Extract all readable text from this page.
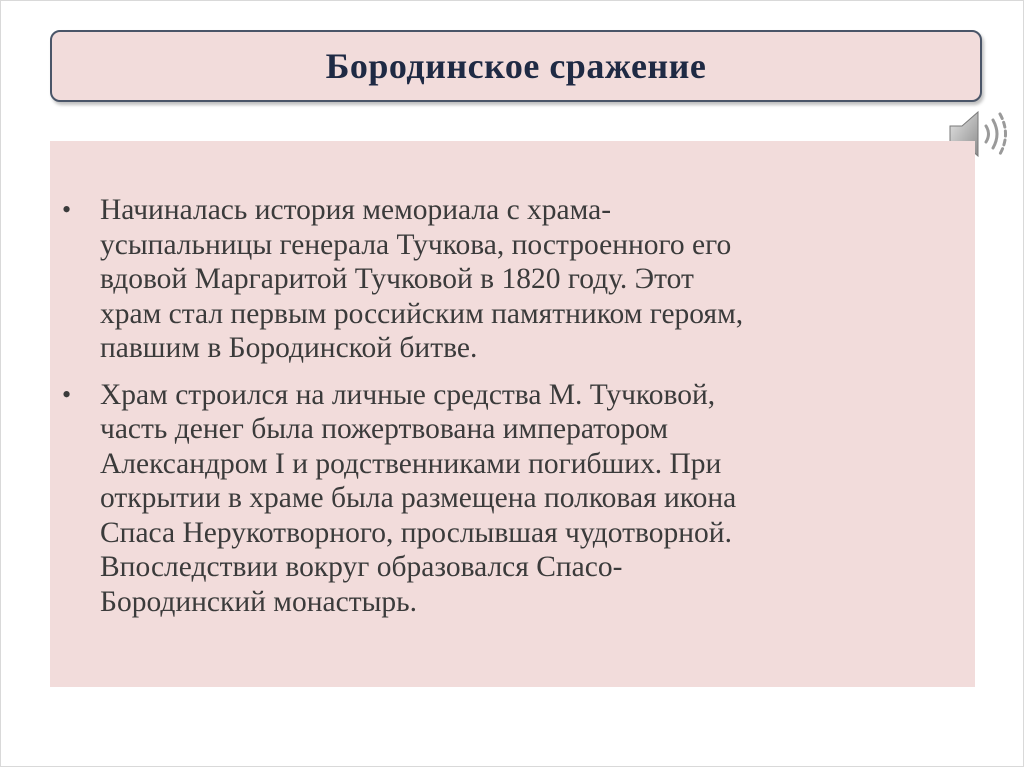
Бородинское сражение
• Начиналась история мемориала с храма-
усыпальницы генерала Тучкова, построенного его
вдовой Маргаритой Тучковой в 1820 году. Этот
храм стал первым российским памятником героям,
павшим в Бородинской битве.
• Храм строился на личные средства М. Тучковой,
часть денег была пожертвована императором
Александром I и родственниками погибших. При
открытии в храме была размещена полковая икона
Спаса Нерукотворного, прослывшая чудотворной.
Впоследствии вокруг образовался Спасо-
Бородинский монастырь.
